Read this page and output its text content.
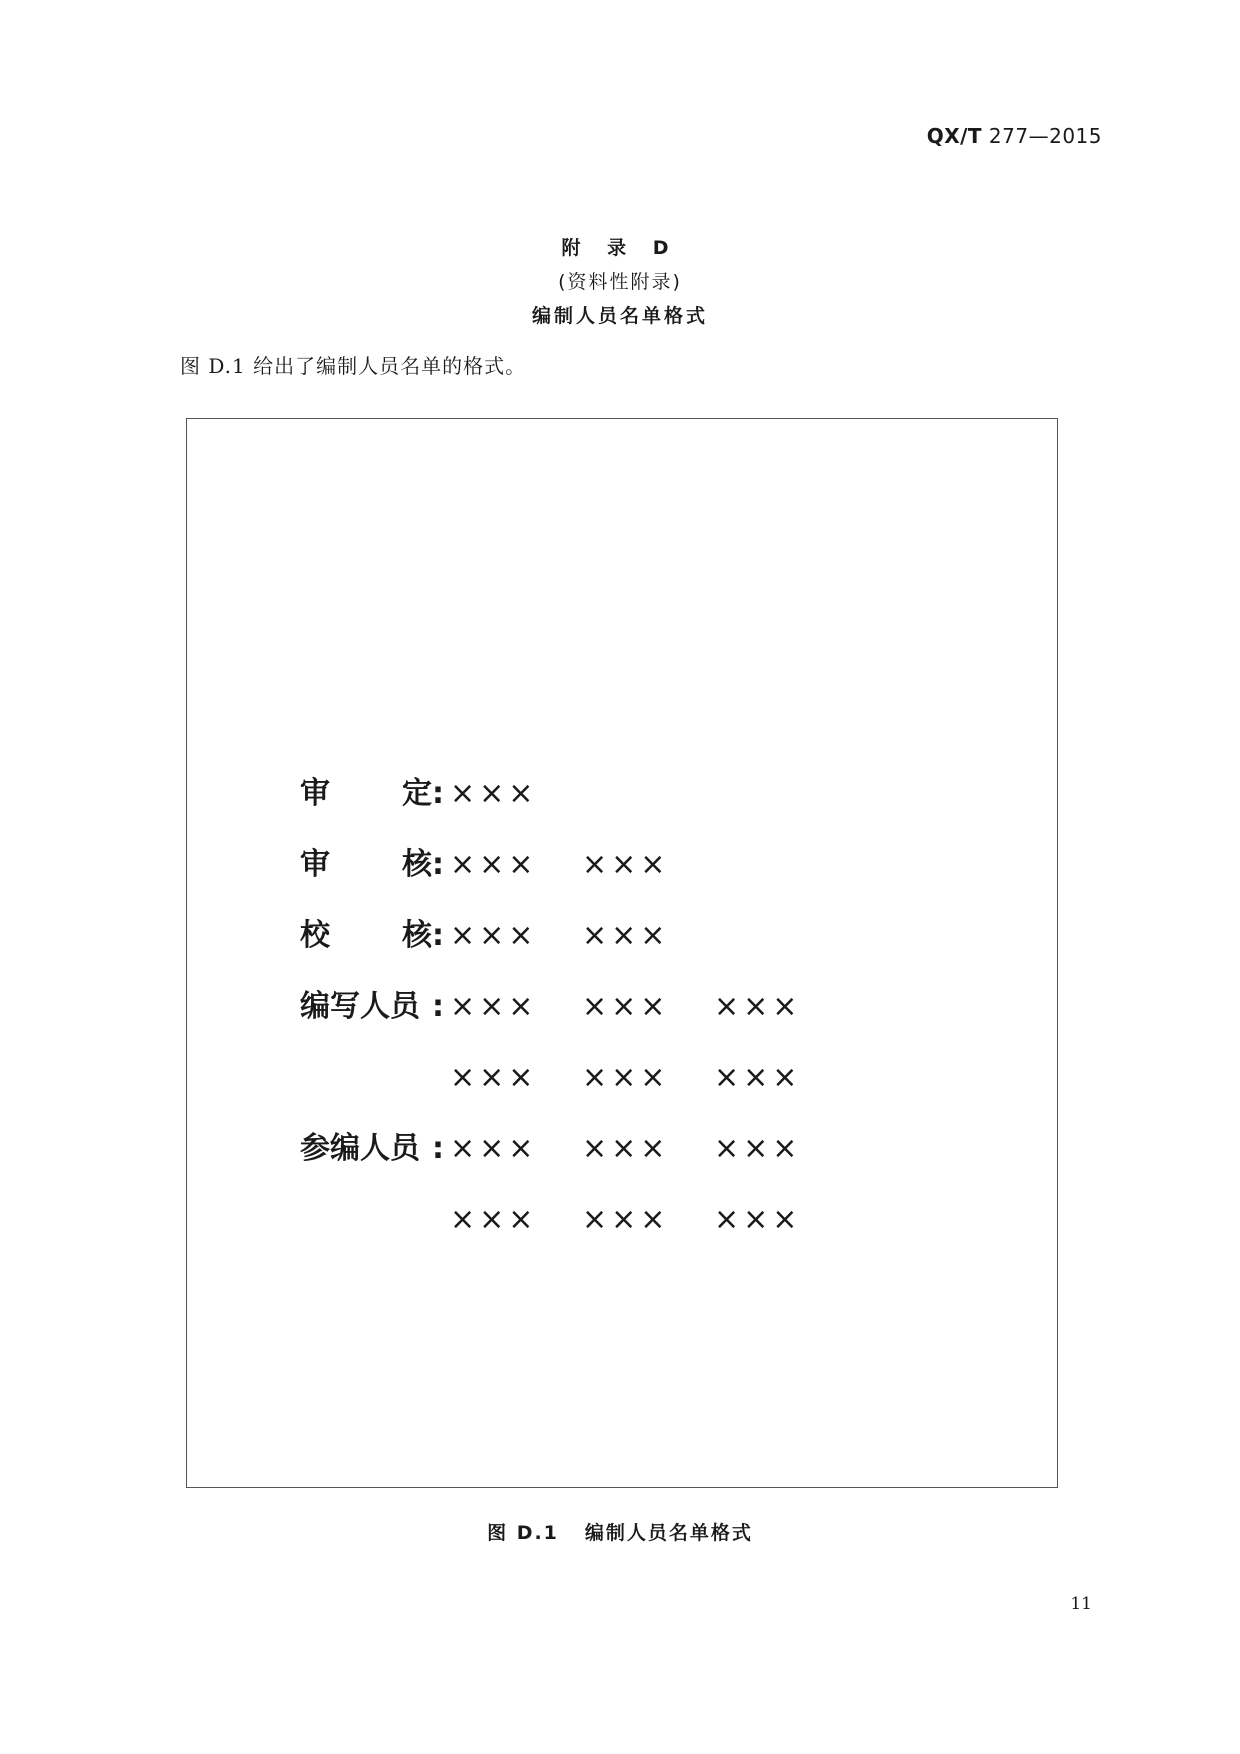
QX/T 277—2015
附 录 D
(资料性附录)
编制人员名单格式
图 D.1 给出了编制人员名单的格式。
审 定 : ×××
审 核 : ××× ×××
校 核 : ××× ×××
编写人员 : ××× ××× ×××
××× ××× ×××
参编人员 : ××× ××× ×××
××× ××× ×××
图 D.1 编制人员名单格式
11
